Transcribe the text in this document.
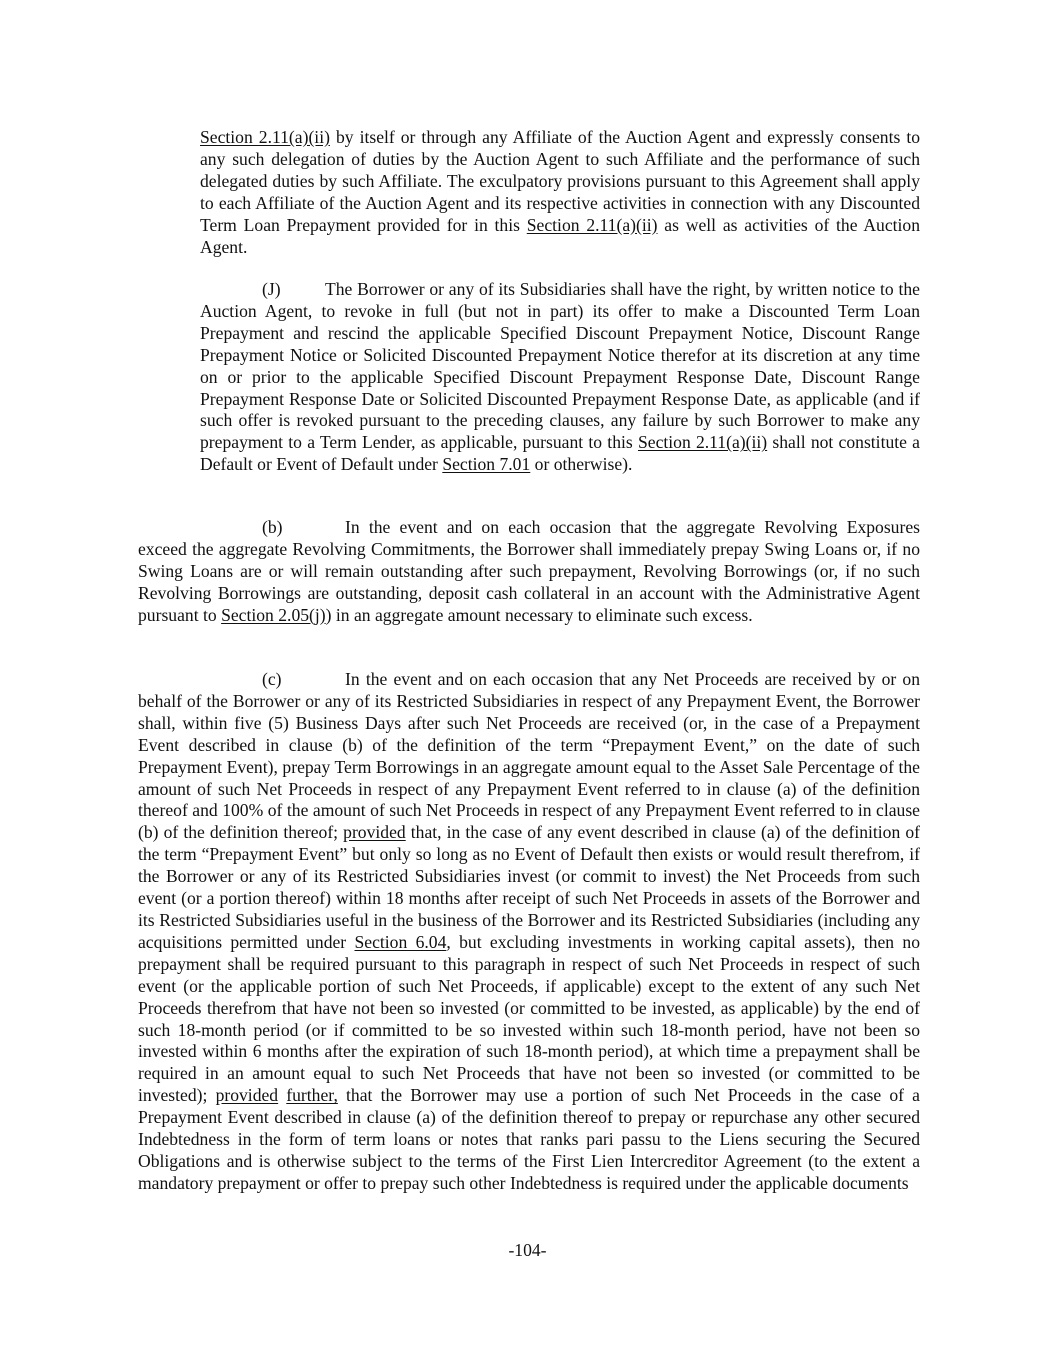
Section 2.11(a)(ii) by itself or through any Affiliate of the Auction Agent and expressly consents to any such delegation of duties by the Auction Agent to such Affiliate and the performance of such delegated duties by such Affiliate. The exculpatory provisions pursuant to this Agreement shall apply to each Affiliate of the Auction Agent and its respective activities in connection with any Discounted Term Loan Prepayment provided for in this Section 2.11(a)(ii) as well as activities of the Auction Agent.

(J)	The Borrower or any of its Subsidiaries shall have the right, by written notice to the Auction Agent, to revoke in full (but not in part) its offer to make a Discounted Term Loan Prepayment and rescind the applicable Specified Discount Prepayment Notice, Discount Range Prepayment Notice or Solicited Discounted Prepayment Notice therefor at its discretion at any time on or prior to the applicable Specified Discount Prepayment Response Date, Discount Range Prepayment Response Date or Solicited Discounted Prepayment Response Date, as applicable (and if such offer is revoked pursuant to the preceding clauses, any failure by such Borrower to make any prepayment to a Term Lender, as applicable, pursuant to this Section 2.11(a)(ii) shall not constitute a Default or Event of Default under Section 7.01 or otherwise).

(b)	In the event and on each occasion that the aggregate Revolving Exposures exceed the aggregate Revolving Commitments, the Borrower shall immediately prepay Swing Loans or, if no Swing Loans are or will remain outstanding after such prepayment, Revolving Borrowings (or, if no such Revolving Borrowings are outstanding, deposit cash collateral in an account with the Administrative Agent pursuant to Section 2.05(j)) in an aggregate amount necessary to eliminate such excess.

(c)	In the event and on each occasion that any Net Proceeds are received by or on behalf of the Borrower or any of its Restricted Subsidiaries in respect of any Prepayment Event, the Borrower shall, within five (5) Business Days after such Net Proceeds are received (or, in the case of a Prepayment Event described in clause (b) of the definition of the term “Prepayment Event,” on the date of such Prepayment Event), prepay Term Borrowings in an aggregate amount equal to the Asset Sale Percentage of the amount of such Net Proceeds in respect of any Prepayment Event referred to in clause (a) of the definition thereof and 100% of the amount of such Net Proceeds in respect of any Prepayment Event referred to in clause (b) of the definition thereof; provided that, in the case of any event described in clause (a) of the definition of the term “Prepayment Event” but only so long as no Event of Default then exists or would result therefrom, if the Borrower or any of its Restricted Subsidiaries invest (or commit to invest) the Net Proceeds from such event (or a portion thereof) within 18 months after receipt of such Net Proceeds in assets of the Borrower and its Restricted Subsidiaries useful in the business of the Borrower and its Restricted Subsidiaries (including any acquisitions permitted under Section 6.04, but excluding investments in working capital assets), then no prepayment shall be required pursuant to this paragraph in respect of such Net Proceeds in respect of such event (or the applicable portion of such Net Proceeds, if applicable) except to the extent of any such Net Proceeds therefrom that have not been so invested (or committed to be invested, as applicable) by the end of such 18-month period (or if committed to be so invested within such 18-month period, have not been so invested within 6 months after the expiration of such 18-month period), at which time a prepayment shall be required in an amount equal to such Net Proceeds that have not been so invested (or committed to be invested); provided further, that the Borrower may use a portion of such Net Proceeds in the case of a Prepayment Event described in clause (a) of the definition thereof to prepay or repurchase any other secured Indebtedness in the form of term loans or notes that ranks pari passu to the Liens securing the Secured Obligations and is otherwise subject to the terms of the First Lien Intercreditor Agreement (to the extent a mandatory prepayment or offer to prepay such other Indebtedness is required under the applicable documents

-104-
